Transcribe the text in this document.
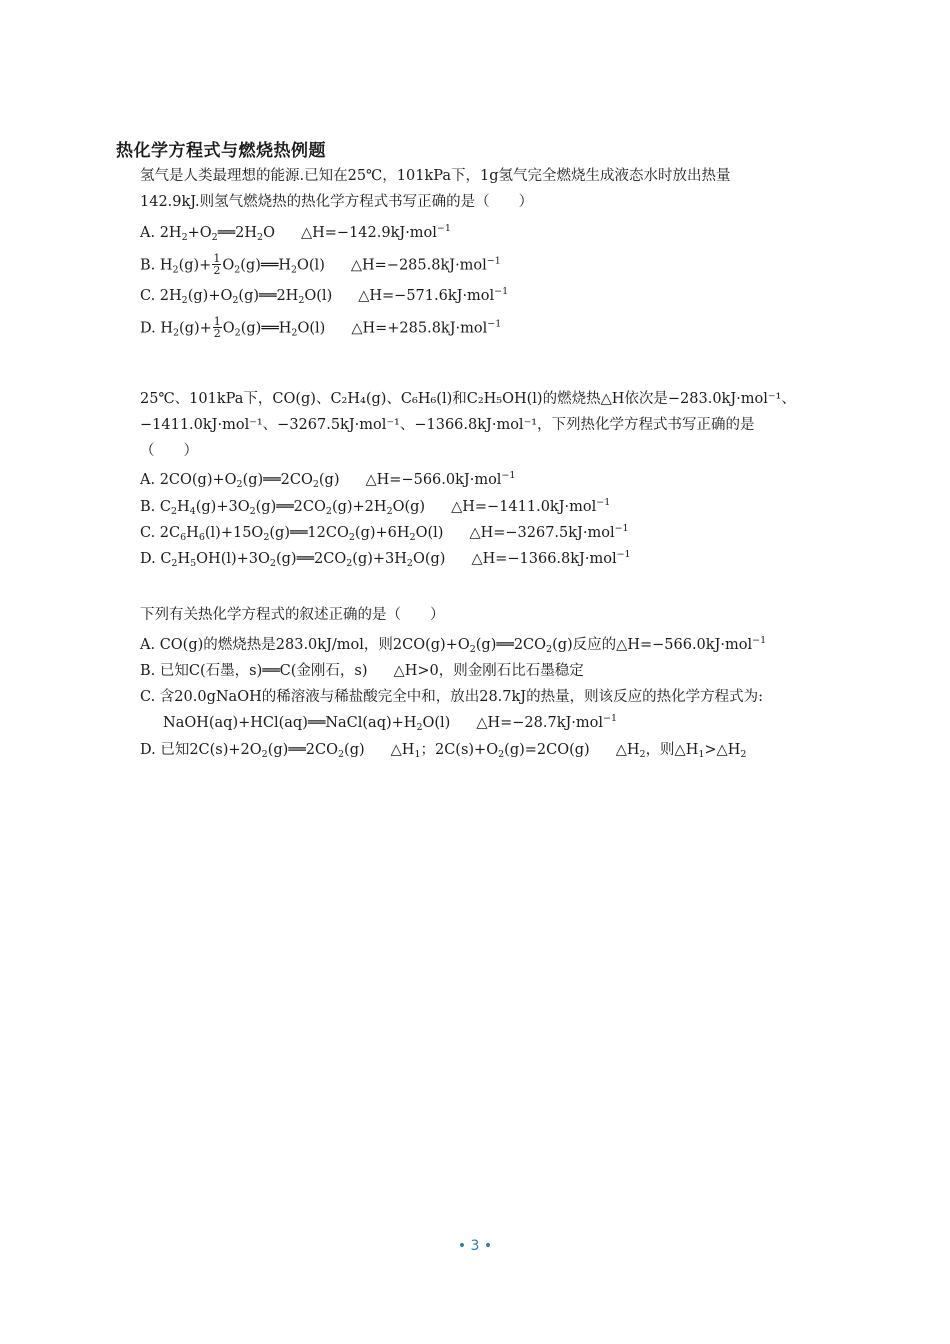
热化学方程式与燃烧热例题
氢气是人类最理想的能源.已知在25℃，101kPa下，1g氢气完全燃烧生成液态水时放出热量
142.9kJ.则氢气燃烧热的热化学方程式书写正确的是（　　）
A. $2H_2+O_2══2H_2O$ △H=−142.9kJ·mol$^{-1}$
B. $H_2(g)+ \frac{1}{2}$ $O_2(g)══H_2O(l)$ △H=−285.8kJ·mol$^{-1}$
C. $2H_2(g)+O_2(g)══2H_2O(l)$ △H=−571.6kJ·mol$^{-1}$
D. $H_2(g)+ \frac{1}{2}$ $O_2(g)══H_2O(l)$ △H=+285.8kJ·mol$^{-1}$
25℃、101kPa下，CO(g)、C₂H₄(g)、C₆H₆(l)和C₂H₅OH(l)的燃烧热△H依次是−283.0kJ·mol⁻¹、
−1411.0kJ·mol⁻¹、−3267.5kJ·mol⁻¹、−1366.8kJ·mol⁻¹，下列热化学方程式书写正确的是
（　　）
A. $2CO(g)+O_2(g)══2CO_2(g)$ △H=−566.0kJ·mol$^{-1}$
B. $C_2H_4(g)+3O_2(g)══2CO_2(g)+2H_2O(g)$ △H=−1411.0kJ·mol$^{-1}$
C. $2C_6H_6(l)+15O_2(g)══12CO_2(g)+6H_2O(l)$ △H=−3267.5kJ·mol$^{-1}$
D. $C_2H_5OH(l)+3O_2(g)══2CO_2(g)+3H_2O(g)$ △H=−1366.8kJ·mol$^{-1}$
下列有关热化学方程式的叙述正确的是（　　）
A. CO(g)的燃烧热是283.0kJ/mol，则$2CO(g)+O_2(g)══2CO_2(g)$反应的△H=−566.0kJ·mol$^{-1}$
B. 已知C(石墨，s)══C(金刚石，s) △H>0，则金刚石比石墨稳定
C. 含20.0gNaOH的稀溶液与稀盐酸完全中和，放出28.7kJ的热量，则该反应的热化学方程式为:
$NaOH(aq)+HCl(aq)══NaCl(aq)+H_2O(l)$ △H=−28.7kJ·mol$^{-1}$
D. 已知$2C(s)+2O_2(g)══2CO_2(g)$ $\triangle H_1$；$2C(s)+O_2(g)=2CO(g)$ $\triangle H_2$，则$\triangle H_1>\triangle H_2$
• 3 •
